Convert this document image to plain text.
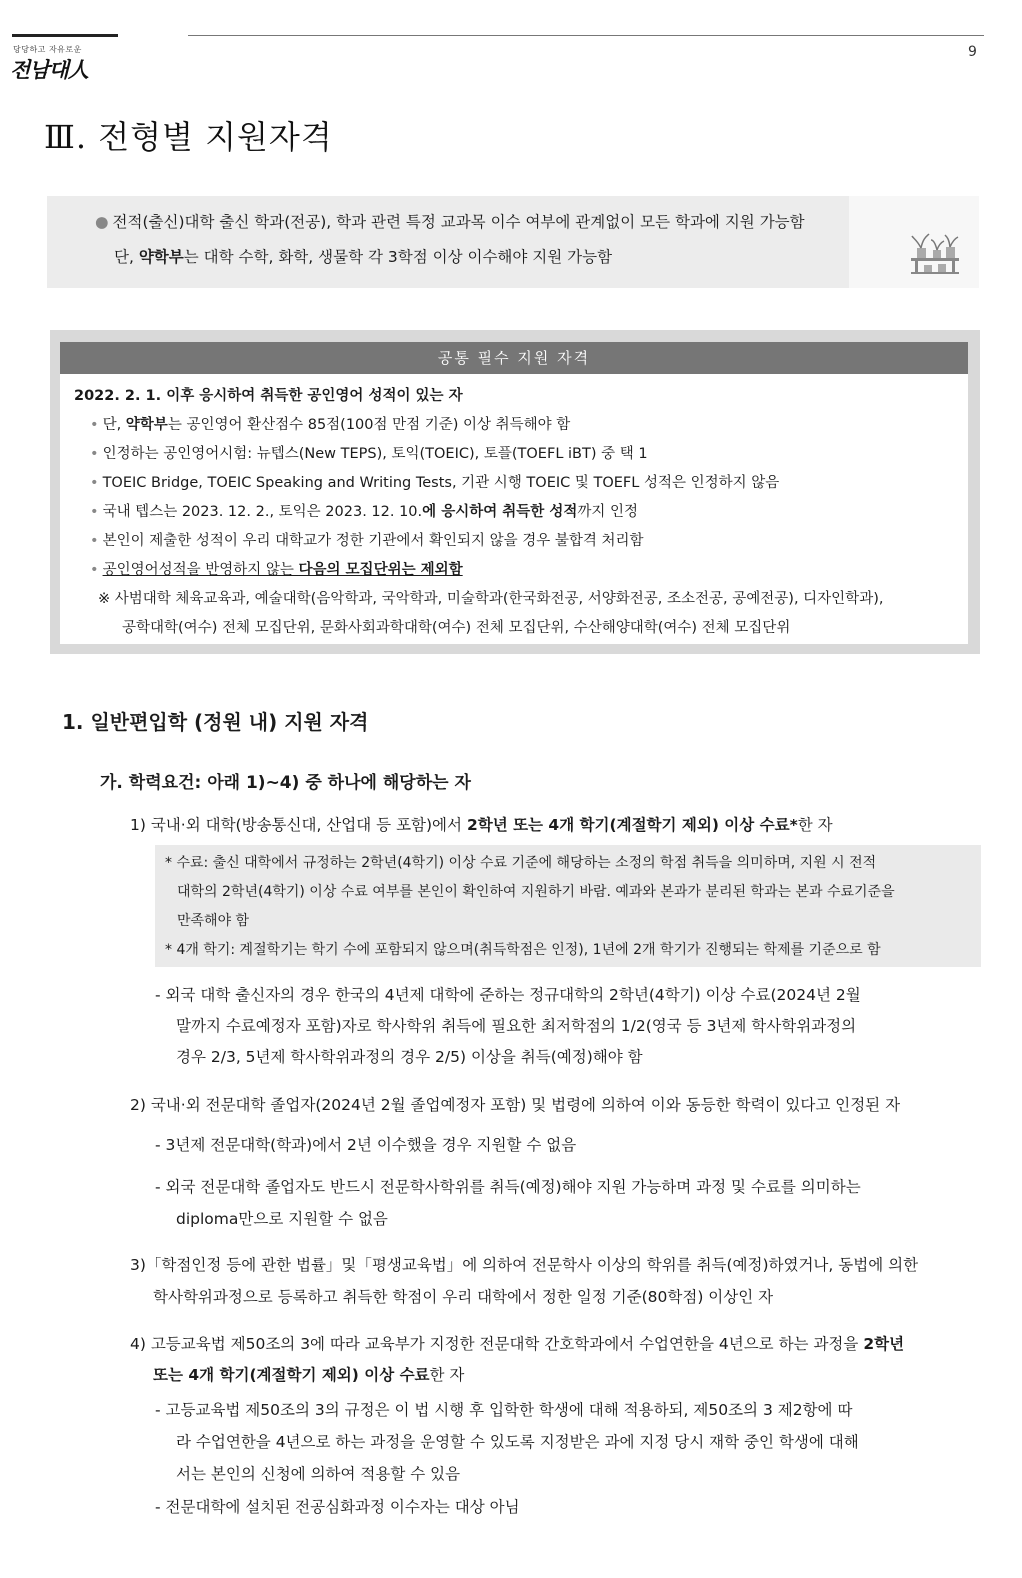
당당하고 자유로운
전남대人
9
Ⅲ. 전형별 지원자격
● 전적(출신)대학 출신 학과(전공), 학과 관련 특정 교과목 이수 여부에 관계없이 모든 학과에 지원 가능함
단, 약학부는 대학 수학, 화학, 생물학 각 3학점 이상 이수해야 지원 가능함
공통 필수 지원 자격
2022. 2. 1. 이후 응시하여 취득한 공인영어 성적이 있는 자
• 단, 약학부는 공인영어 환산점수 85점(100점 만점 기준) 이상 취득해야 함
• 인정하는 공인영어시험: 뉴텝스(New TEPS), 토익(TOEIC), 토플(TOEFL iBT) 중 택 1
• TOEIC Bridge, TOEIC Speaking and Writing Tests, 기관 시행 TOEIC 및 TOEFL 성적은 인정하지 않음
• 국내 텝스는 2023. 12. 2., 토익은 2023. 12. 10.에 응시하여 취득한 성적까지 인정
• 본인이 제출한 성적이 우리 대학교가 정한 기관에서 확인되지 않을 경우 불합격 처리함
• 공인영어성적을 반영하지 않는 다음의 모집단위는 제외함
※ 사범대학 체육교육과, 예술대학(음악학과, 국악학과, 미술학과(한국화전공, 서양화전공, 조소전공, 공예전공), 디자인학과),
공학대학(여수) 전체 모집단위, 문화사회과학대학(여수) 전체 모집단위, 수산해양대학(여수) 전체 모집단위
1. 일반편입학 (정원 내) 지원 자격
가. 학력요건: 아래 1)~4) 중 하나에 해당하는 자
1) 국내·외 대학(방송통신대, 산업대 등 포함)에서 2학년 또는 4개 학기(계절학기 제외) 이상 수료*한 자
* 수료: 출신 대학에서 규정하는 2학년(4학기) 이상 수료 기준에 해당하는 소정의 학점 취득을 의미하며, 지원 시 전적
대학의 2학년(4학기) 이상 수료 여부를 본인이 확인하여 지원하기 바람. 예과와 본과가 분리된 학과는 본과 수료기준을
만족해야 함
* 4개 학기: 계절학기는 학기 수에 포함되지 않으며(취득학점은 인정), 1년에 2개 학기가 진행되는 학제를 기준으로 함
- 외국 대학 출신자의 경우 한국의 4년제 대학에 준하는 정규대학의 2학년(4학기) 이상 수료(2024년 2월
말까지 수료예정자 포함)자로 학사학위 취득에 필요한 최저학점의 1/2(영국 등 3년제 학사학위과정의
경우 2/3, 5년제 학사학위과정의 경우 2/5) 이상을 취득(예정)해야 함
2) 국내·외 전문대학 졸업자(2024년 2월 졸업예정자 포함) 및 법령에 의하여 이와 동등한 학력이 있다고 인정된 자
- 3년제 전문대학(학과)에서 2년 이수했을 경우 지원할 수 없음
- 외국 전문대학 졸업자도 반드시 전문학사학위를 취득(예정)해야 지원 가능하며 과정 및 수료를 의미하는
diploma만으로 지원할 수 없음
3)「학점인정 등에 관한 법률」및「평생교육법」에 의하여 전문학사 이상의 학위를 취득(예정)하였거나, 동법에 의한
학사학위과정으로 등록하고 취득한 학점이 우리 대학에서 정한 일정 기준(80학점) 이상인 자
4) 고등교육법 제50조의 3에 따라 교육부가 지정한 전문대학 간호학과에서 수업연한을 4년으로 하는 과정을 2학년
또는 4개 학기(계절학기 제외) 이상 수료한 자
- 고등교육법 제50조의 3의 규정은 이 법 시행 후 입학한 학생에 대해 적용하되, 제50조의 3 제2항에 따
라 수업연한을 4년으로 하는 과정을 운영할 수 있도록 지정받은 과에 지정 당시 재학 중인 학생에 대해
서는 본인의 신청에 의하여 적용할 수 있음
- 전문대학에 설치된 전공심화과정 이수자는 대상 아님
